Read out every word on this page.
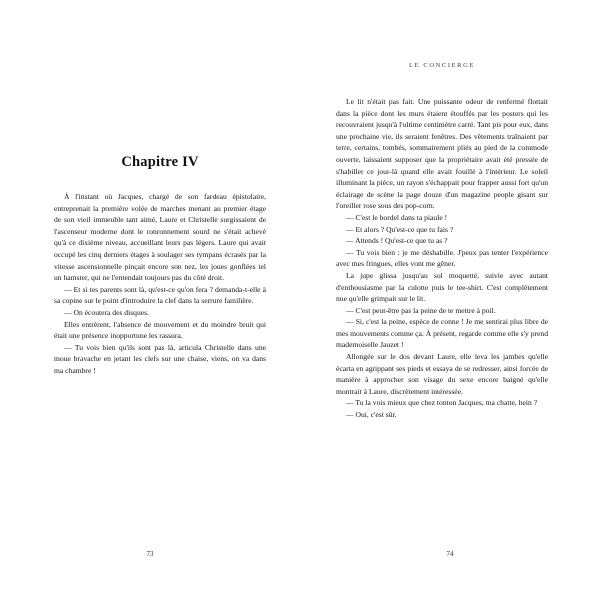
Chapitre IV

À l'instant où Jacques, chargé de son fardeau épistolaire, entreprenait la première volée de marches menant au premier étage de son vieil immeuble tant aimé, Laure et Christelle surgissaient de l'ascenseur moderne dont le ronronnement sourd ne s'était achevé qu'à ce dixième niveau, accueillant leurs pas légers. Laure qui avait occupé les cinq derniers étages à soulager ses tympans écrasés par la vitesse ascensionnelle pinçait encore son nez, les joues gonflées tel un hamster, qui ne l'entendait toujours pas du côté droit.

— Et si tes parents sont là, qu'est-ce qu'on fera ? demanda-t-elle à sa copine sur le point d'introduire la clef dans la serrure familière.

— On écoutera des disques.

Elles entrèrent, l'absence de mouvement et du moindre bruit qui était une présence inopportune les rassura.

— Tu vois bien qu'ils sont pas là, articula Christelle dans une moue bravache en jetant les clefs sur une chaise, viens, on va dans ma chambre !

73
LE CONCIERGE

Le lit n'était pas fait. Une puissante odeur de renfermé flottait dans la pièce dont les murs étaient étouffés par les posters qui les recouvraient jusqu'à l'ultime centimètre carré. Tant pis pour eux, dans une prochaine vie, ils seraient fenêtres. Des vêtements traînaient par terre, certains, tombés, sommairement pliés au pied de la commode ouverte, laissaient supposer que la propriétaire avait été pressée de s'habiller ce jour-là quand elle avait fouillé à l'intérieur. Le soleil illuminant la pièce, un rayon s'échappait pour frapper aussi fort qu'un éclairage de scène la page douze d'un magazine people gisant sur l'oreiller rose sous des pop-corn.

— C'est le bordel dans ta piaule !

— Et alors ? Qu'est-ce que tu fais ?

— Attends ! Qu'est-ce que tu as ?

— Tu vois bien : je me déshabille. J'peux pas tenter l'expérience avec mes fringues, elles vont me gêner.

La jupe glissa jusqu'au sol moquetté, suivie avec autant d'enthousiasme par la culotte puis le tee-shirt. C'est complètement nue qu'elle grimpait sur le lit.

— C'est peut-être pas la peine de te mettre à poil.

— Si, c'est la peine, espèce de conne ! Je me sentirai plus libre de mes mouvements comme ça. À présent, regarde comme elle s'y prend mademoiselle Jauzet !

Allongée sur le dos devant Laure, elle leva les jambes qu'elle écarta en agrippant ses pieds et essaya de se redresser, ainsi forcée de manière à approcher son visage du sexe encore baigné qu'elle montrait à Laure, discrètement intéressée.

— Tu la vois mieux que chez tonton Jacques, ma chatte, hein ?

— Oui, c'est sûr.

74
